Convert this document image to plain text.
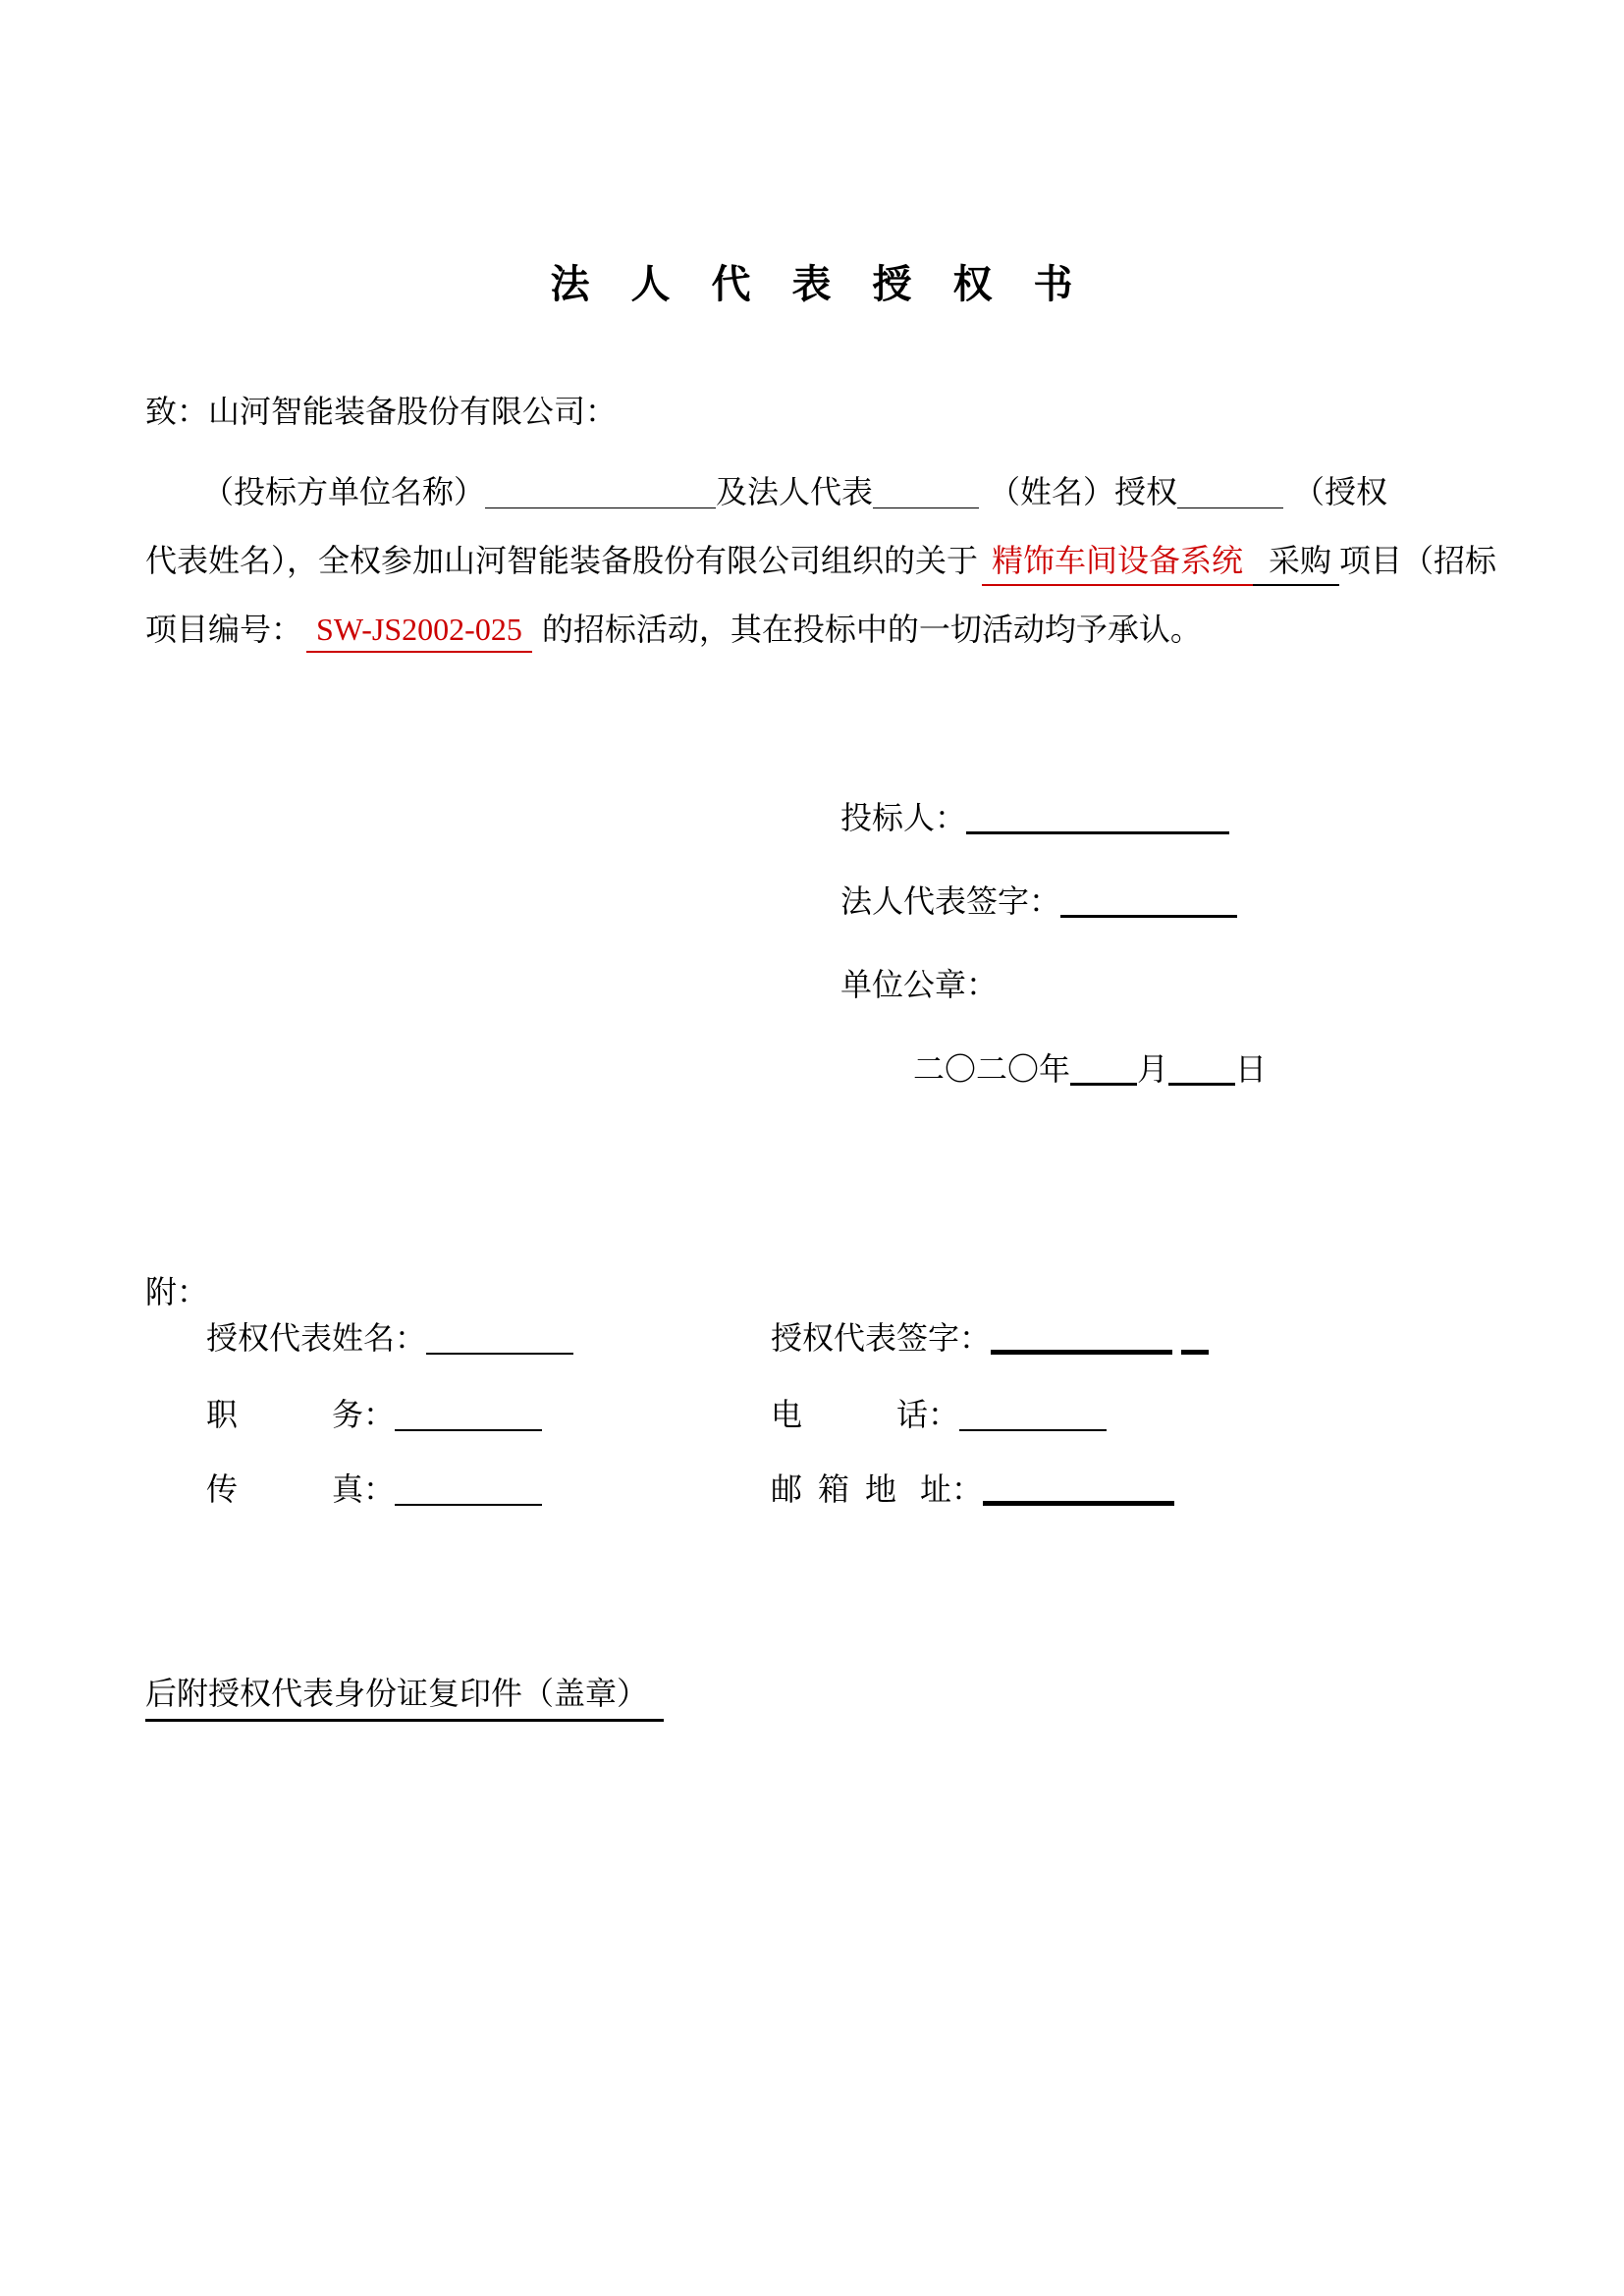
法　人　代　表　授　权　书
致：山河智能装备股份有限公司：
（投标方单位名称）	及法人代表	（姓名）授权	（授权
代表姓名），全权参加山河智能装备股份有限公司组织的关于 精饰车间设备系统 采购 项目（招标
项目编号： SW-JS2002-025 的招标活动，其在投标中的一切活动均予承认。
投标人：
法人代表签字：
单位公章：
二〇二〇年 月 日
附：
授权代表姓名：	授权代表签字：
职　　　务：	电　　　话：
传　　　真：	邮  箱  地   址：
后附授权代表身份证复印件（盖章）
